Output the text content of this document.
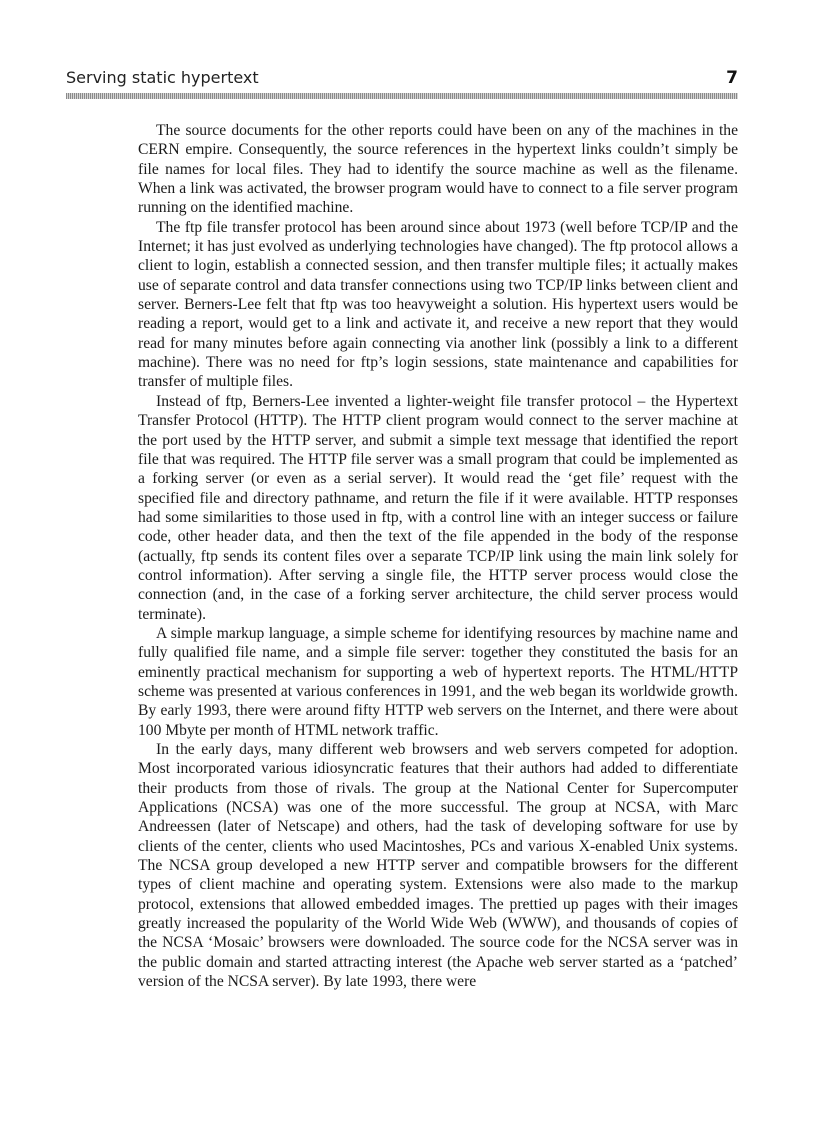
Serving static hypertext	7

The source documents for the other reports could have been on any of the machines in the CERN empire. Consequently, the source references in the hypertext links couldn’t simply be file names for local files. They had to identify the source machine as well as the filename. When a link was activated, the browser program would have to connect to a file server program running on the identified machine.

The ftp file transfer protocol has been around since about 1973 (well before TCP/IP and the Internet; it has just evolved as underlying technologies have changed). The ftp protocol allows a client to login, establish a connected session, and then transfer multiple files; it actually makes use of separate control and data transfer connections using two TCP/IP links between client and server. Berners-Lee felt that ftp was too heavyweight a solution. His hypertext users would be reading a report, would get to a link and activate it, and receive a new report that they would read for many minutes before again connecting via another link (possibly a link to a different machine). There was no need for ftp’s login sessions, state maintenance and capabilities for transfer of multiple files.

Instead of ftp, Berners-Lee invented a lighter-weight file transfer protocol – the Hypertext Transfer Protocol (HTTP). The HTTP client program would connect to the server machine at the port used by the HTTP server, and submit a simple text message that identified the report file that was required. The HTTP file server was a small program that could be implemented as a forking server (or even as a serial server). It would read the ‘get file’ request with the specified file and directory pathname, and return the file if it were available. HTTP responses had some similarities to those used in ftp, with a control line with an integer success or failure code, other header data, and then the text of the file appended in the body of the response (actually, ftp sends its content files over a separate TCP/IP link using the main link solely for control information). After serving a single file, the HTTP server process would close the connection (and, in the case of a forking server architecture, the child server process would terminate).

A simple markup language, a simple scheme for identifying resources by machine name and fully qualified file name, and a simple file server: together they constituted the basis for an eminently practical mechanism for supporting a web of hypertext reports. The HTML/HTTP scheme was presented at various conferences in 1991, and the web began its worldwide growth. By early 1993, there were around fifty HTTP web servers on the Internet, and there were about 100 Mbyte per month of HTML network traffic.

In the early days, many different web browsers and web servers competed for adoption. Most incorporated various idiosyncratic features that their authors had added to differentiate their products from those of rivals. The group at the National Center for Supercomputer Applications (NCSA) was one of the more successful. The group at NCSA, with Marc Andreessen (later of Netscape) and others, had the task of developing software for use by clients of the center, clients who used Macintoshes, PCs and various X-enabled Unix systems. The NCSA group developed a new HTTP server and compatible browsers for the different types of client machine and operating system. Extensions were also made to the markup protocol, extensions that allowed embedded images. The prettied up pages with their images greatly increased the popularity of the World Wide Web (WWW), and thousands of copies of the NCSA ‘Mosaic’ browsers were downloaded. The source code for the NCSA server was in the public domain and started attracting interest (the Apache web server started as a ‘patched’ version of the NCSA server). By late 1993, there were
